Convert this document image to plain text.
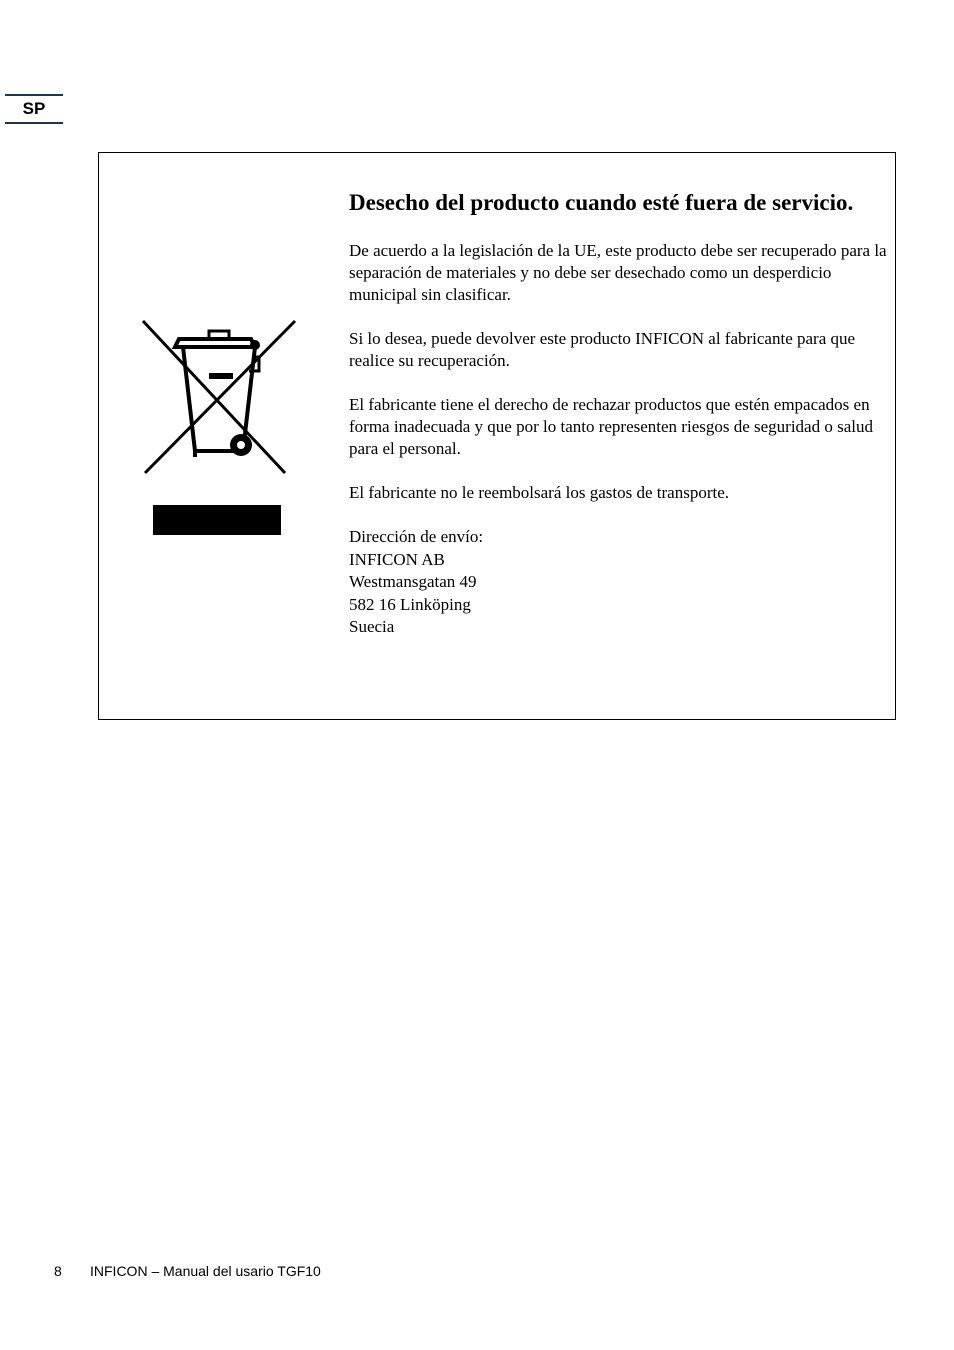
SP
Desecho del producto cuando esté fuera de servicio.

De acuerdo a la legislación de la UE, este producto debe ser recuperado para la separación de materiales y no debe ser desechado como un desperdicio municipal sin clasificar.

Si lo desea, puede devolver este producto INFICON al fabricante para que realice su recuperación.

El fabricante tiene el derecho de rechazar productos que estén empacados en forma inadecuada y que por lo tanto representen riesgos de seguridad o salud para el personal.

El fabricante no le reembolsará los gastos de transporte.

Dirección de envío:

INFICON AB

Westmansgatan 49

582 16 Linköping

Suecia

8 INFICON – Manual del usario TGF10
